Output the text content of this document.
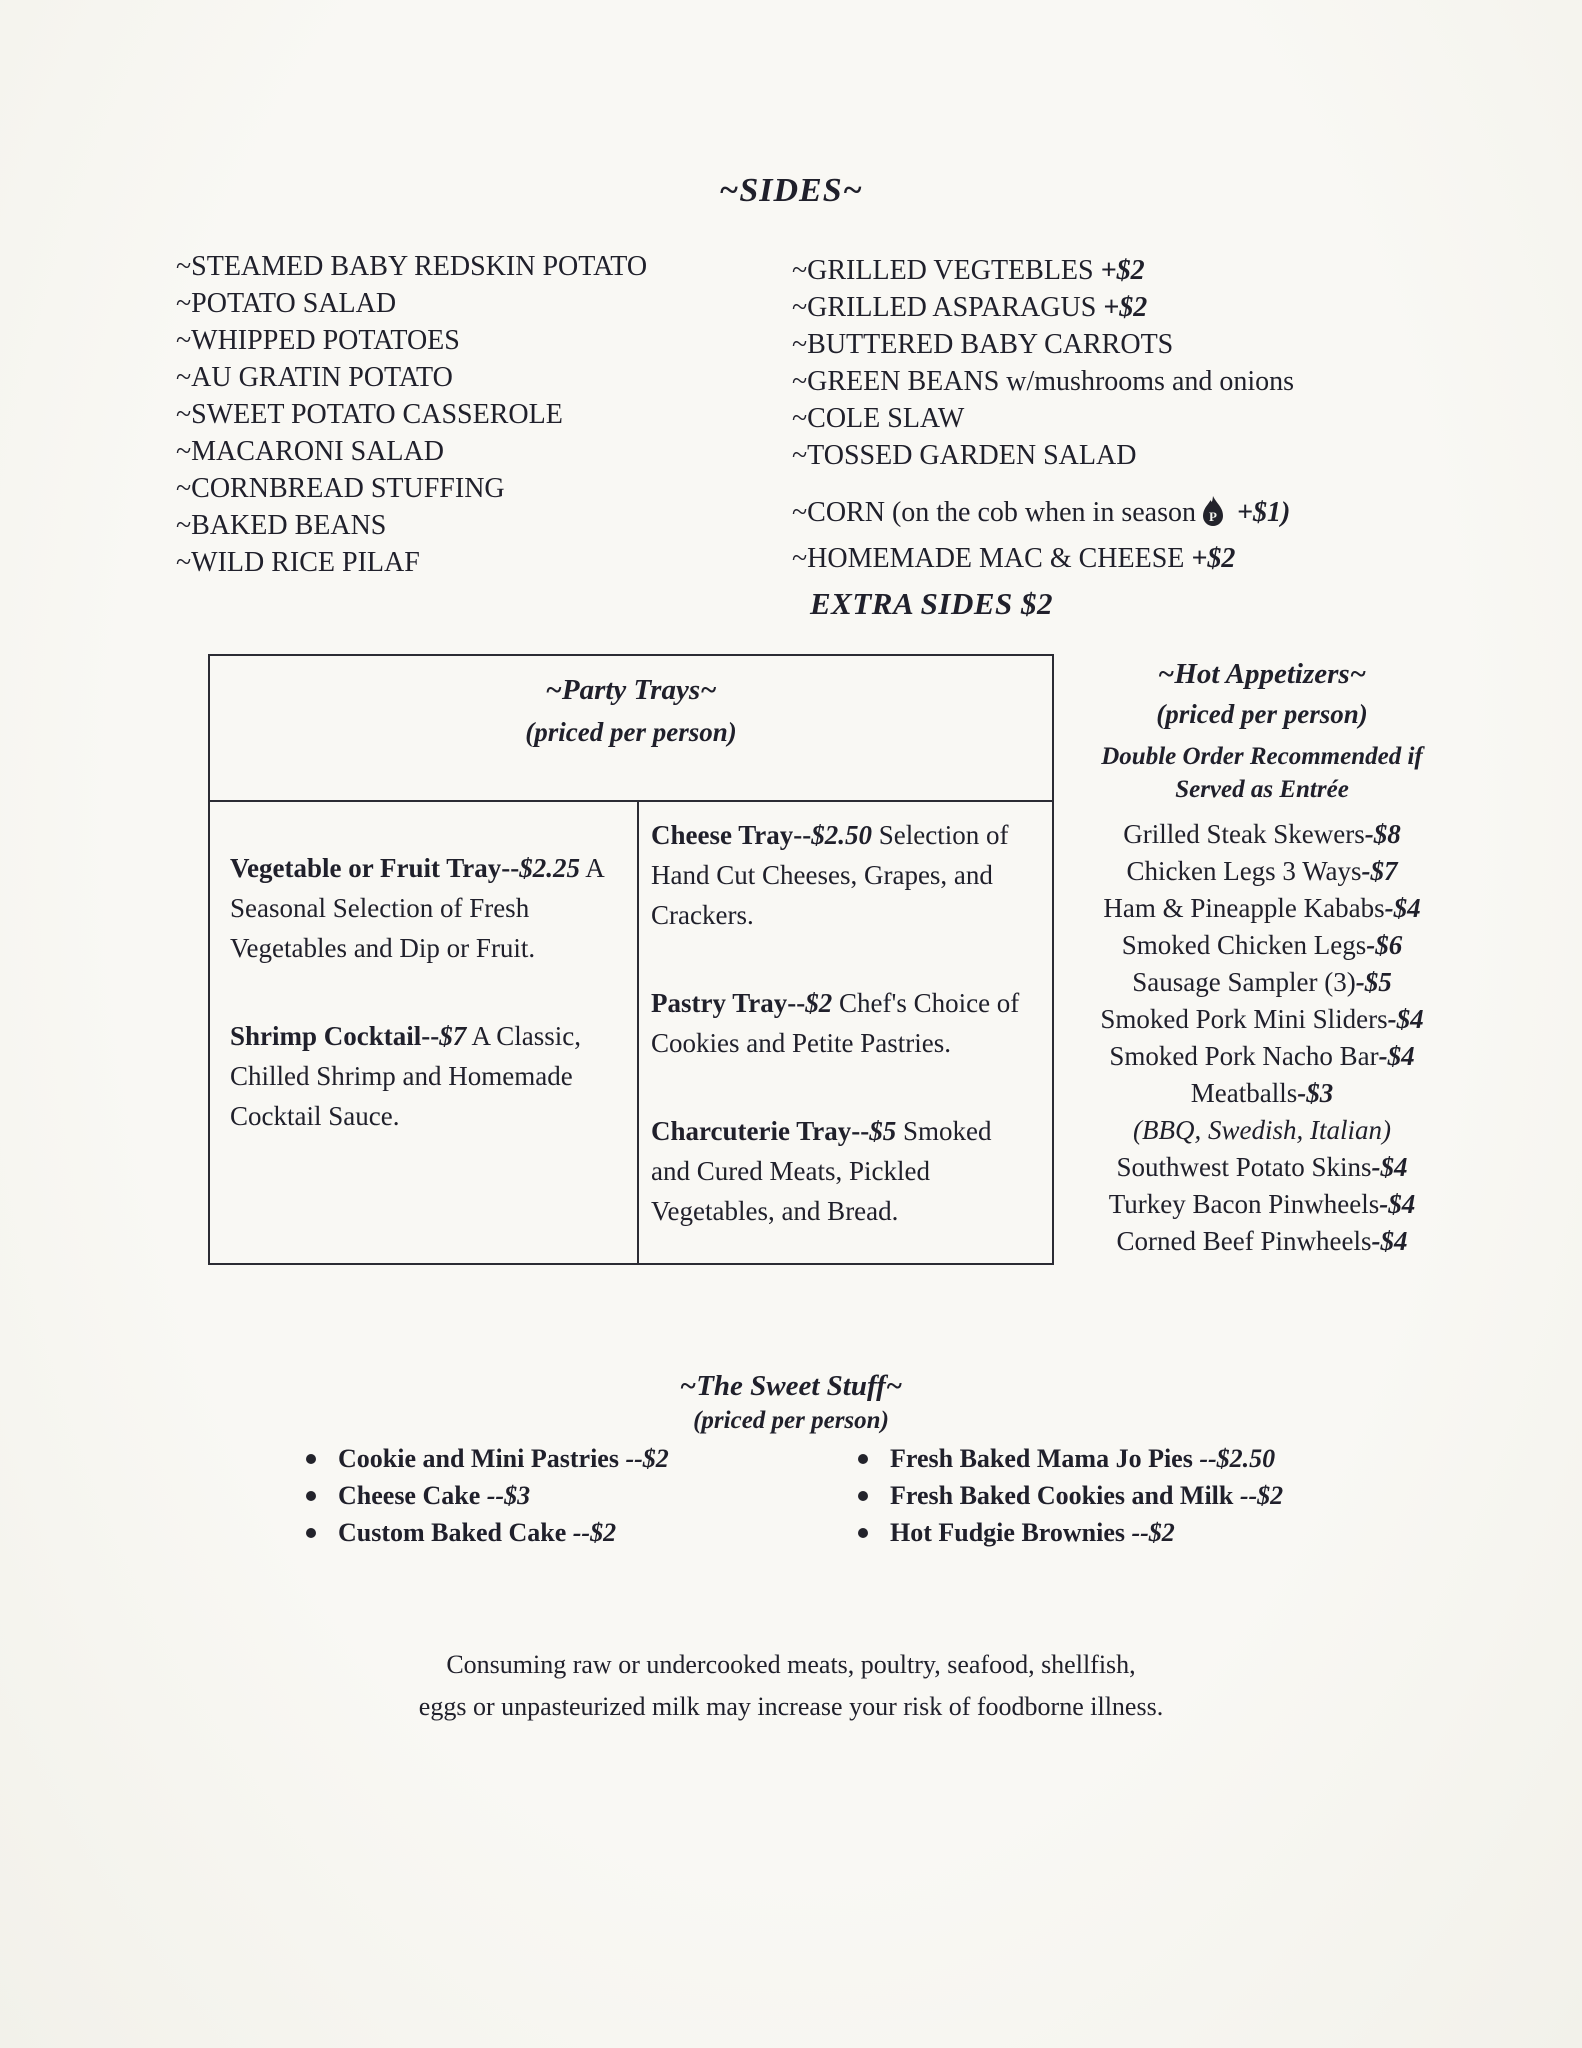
~SIDES~
~STEAMED BABY REDSKIN POTATO
~POTATO SALAD
~WHIPPED POTATOES
~AU GRATIN POTATO
~SWEET POTATO CASSEROLE
~MACARONI SALAD
~CORNBREAD STUFFING
~BAKED BEANS
~WILD RICE PILAF
~GRILLED VEGTEBLES +$2
~GRILLED ASPARAGUS +$2
~BUTTERED BABY CARROTS
~GREEN BEANS w/mushrooms and onions
~COLE SLAW
~TOSSED GARDEN SALAD
~CORN (on the cob when in season P +$1)
~HOMEMADE MAC & CHEESE +$2
EXTRA SIDES $2
~Party Trays~
(priced per person)

Vegetable or Fruit Tray--$2.25 A Seasonal Selection of Fresh Vegetables and Dip or Fruit.

Shrimp Cocktail--$7 A Classic, Chilled Shrimp and Homemade Cocktail Sauce.

Cheese Tray--$2.50 Selection of Hand Cut Cheeses, Grapes, and Crackers.

Pastry Tray--$2 Chef's Choice of Cookies and Petite Pastries.

Charcuterie Tray--$5 Smoked and Cured Meats, Pickled Vegetables, and Bread.

~Hot Appetizers~
(priced per person)
Double Order Recommended if
Served as Entrée
Grilled Steak Skewers-$8
Chicken Legs 3 Ways-$7
Ham & Pineapple Kababs-$4
Smoked Chicken Legs-$6
Sausage Sampler (3)-$5
Smoked Pork Mini Sliders-$4
Smoked Pork Nacho Bar-$4
Meatballs-$3
(BBQ, Swedish, Italian)
Southwest Potato Skins-$4
Turkey Bacon Pinwheels-$4
Corned Beef Pinwheels-$4
~The Sweet Stuff~
(priced per person)
Cookie and Mini Pastries --$2
Cheese Cake --$3
Custom Baked Cake --$2
Fresh Baked Mama Jo Pies --$2.50
Fresh Baked Cookies and Milk --$2
Hot Fudgie Brownies --$2
Consuming raw or undercooked meats, poultry, seafood, shellfish,
eggs or unpasteurized milk may increase your risk of foodborne illness.
